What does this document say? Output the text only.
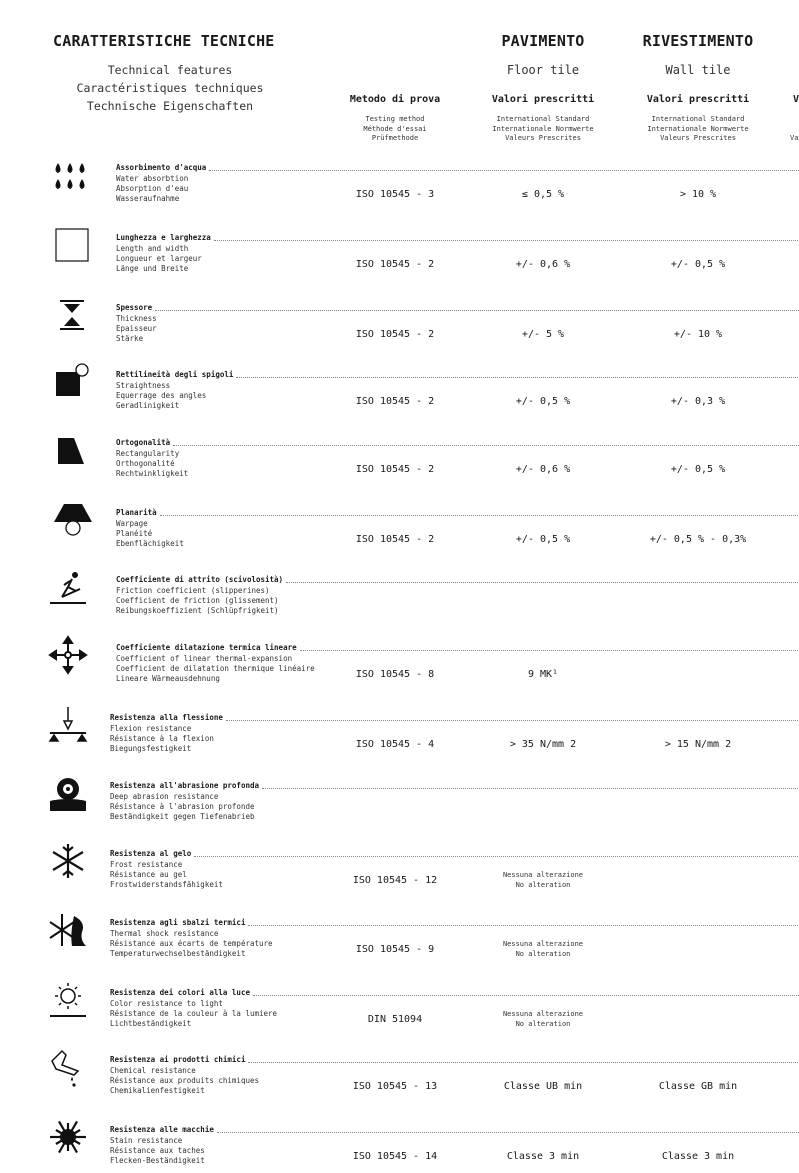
CARATTERISTICHE TECNICHE
Technical features
Caractéristiques techniques
Technische Eigenschaften
PAVIMENTO
Floor tile
RIVESTIMENTO
Wall tile
Metodo di prova
Testing method
Méthode d'essai
Prüfmethode
Valori prescritti
International Standard
Internationale Normwerte
Valeurs Prescrites
Valori prescritti
International Standard
Internationale Normwerte
Valeurs Prescrites
V
Va
Assorbimento d'acqua
Water absorbtion
Absorption d'eau
Wasseraufnahme	ISO 10545 - 3	≤ 0,5 %	> 10 %
Lunghezza e larghezza
Length and width
Longueur et largeur
Länge und Breite	ISO 10545 - 2	+/- 0,6 %	+/- 0,5 %
Spessore
Thickness
Epaisseur
Stärke	ISO 10545 - 2	+/- 5 %	+/- 10 %
Rettilineità degli spigoli
Straightness
Equerrage des angles
Geradlinigkeit	ISO 10545 - 2	+/- 0,5 %	+/- 0,3 %
Ortogonalità
Rectangularity
Orthogonalité
Rechtwinkligkeit	ISO 10545 - 2	+/- 0,6 %	+/- 0,5 %
Planarità
Warpage
Planéité
Ebenflächigkeit	ISO 10545 - 2	+/- 0,5 %	+/- 0,5 % - 0,3%
Coefficiente di attrito (scivolosità)
Friction coefficient (slipperines)
Coefficient de friction (glissement)
Reibungskoeffizient (Schlüpfrigkeit)
Coefficiente dilatazione termica lineare
Coefficient of linear thermal-expansion
Coefficient de dilatation thermique linéaire
Lineare Wärmeausdehnung	ISO 10545 - 8	9 MK¹
Resistenza alla flessione
Flexion resistance
Résistance à la flexion
Biegungsfestigkeit	ISO 10545 - 4	> 35 N/mm 2	> 15 N/mm 2
Resistenza all'abrasione profonda
Deep abrasion resistance
Résistance à l'abrasion profonde
Beständigkeit gegen Tiefenabrieb
Resistenza al gelo
Frost resistance
Résistance au gel
Frostwiderstandsfähigkeit	ISO 10545 - 12	Nessuna alterazione
No alteration
Resistenza agli sbalzi termici
Thermal shock resistance
Résistance aux écarts de température
Temperaturwechselbeständigkeit	ISO 10545 - 9	Nessuna alterazione
No alteration
Resistenza dei colori alla luce
Color resistance to light
Résistance de la couleur à la lumiere
Lichtbeständigkeit	DIN 51094	Nessuna alterazione
No alteration
Resistenza ai prodotti chimici
Chemical resistance
Résistance aux produits chimiques
Chemikalienfestigkeit	ISO 10545 - 13	Classe UB min	Classe GB min
Resistenza alle macchie
Stain resistance
Résistance aux taches
Flecken-Beständigkeit	ISO 10545 - 14	Classe 3 min	Classe 3 min
